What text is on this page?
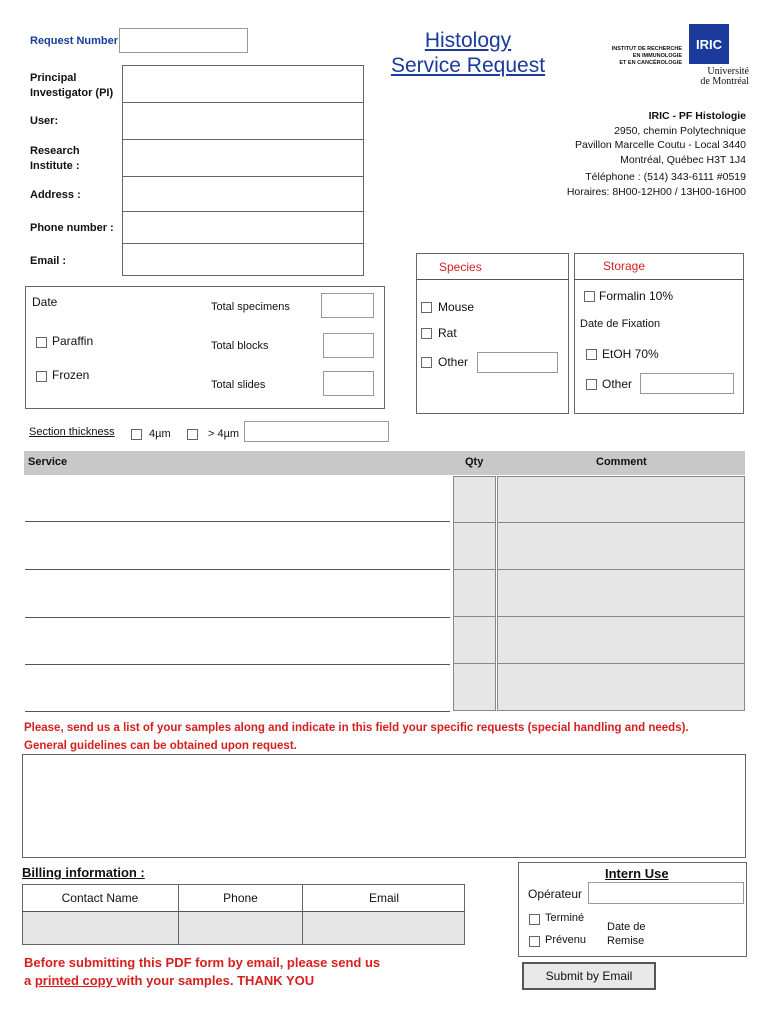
Request Number	Histology
Service Request
INSTITUT DE RECHERCHE
EN IMMUNOLOGIE
ET EN CANCÉROLOGIE
IRIC
Université
de Montréal
Principal
Investigator (PI)
User:
Research
Institute :
Address :
Phone number :
Email :
IRIC - PF Histologie
2950, chemin Polytechnique
Pavillon Marcelle Coutu - Local 3440
Montréal, Québec H3T 1J4
Téléphone : (514) 343-6111 #0519
Horaires: 8H00-12H00 / 13H00-16H00
Date
Paraffin
Frozen
Total specimens
Total blocks
Total slides
Species
Mouse
Rat
Other
Storage
Formalin 10%
Date de Fixation
EtOH 70%
Other
Section thickness	4µm	> 4µm
Service	Qty	Comment
Please, send us a list of your samples along and indicate in this field your specific requests (special handling and needs).
General guidelines can be obtained upon request.
Billing information :
Contact Name	Phone	Email
Intern Use
Opérateur
Terminé
Prévenu
Date de
Remise
Before submitting this PDF form by email, please send us
a printed copy with your samples. THANK YOU	Submit by Email
